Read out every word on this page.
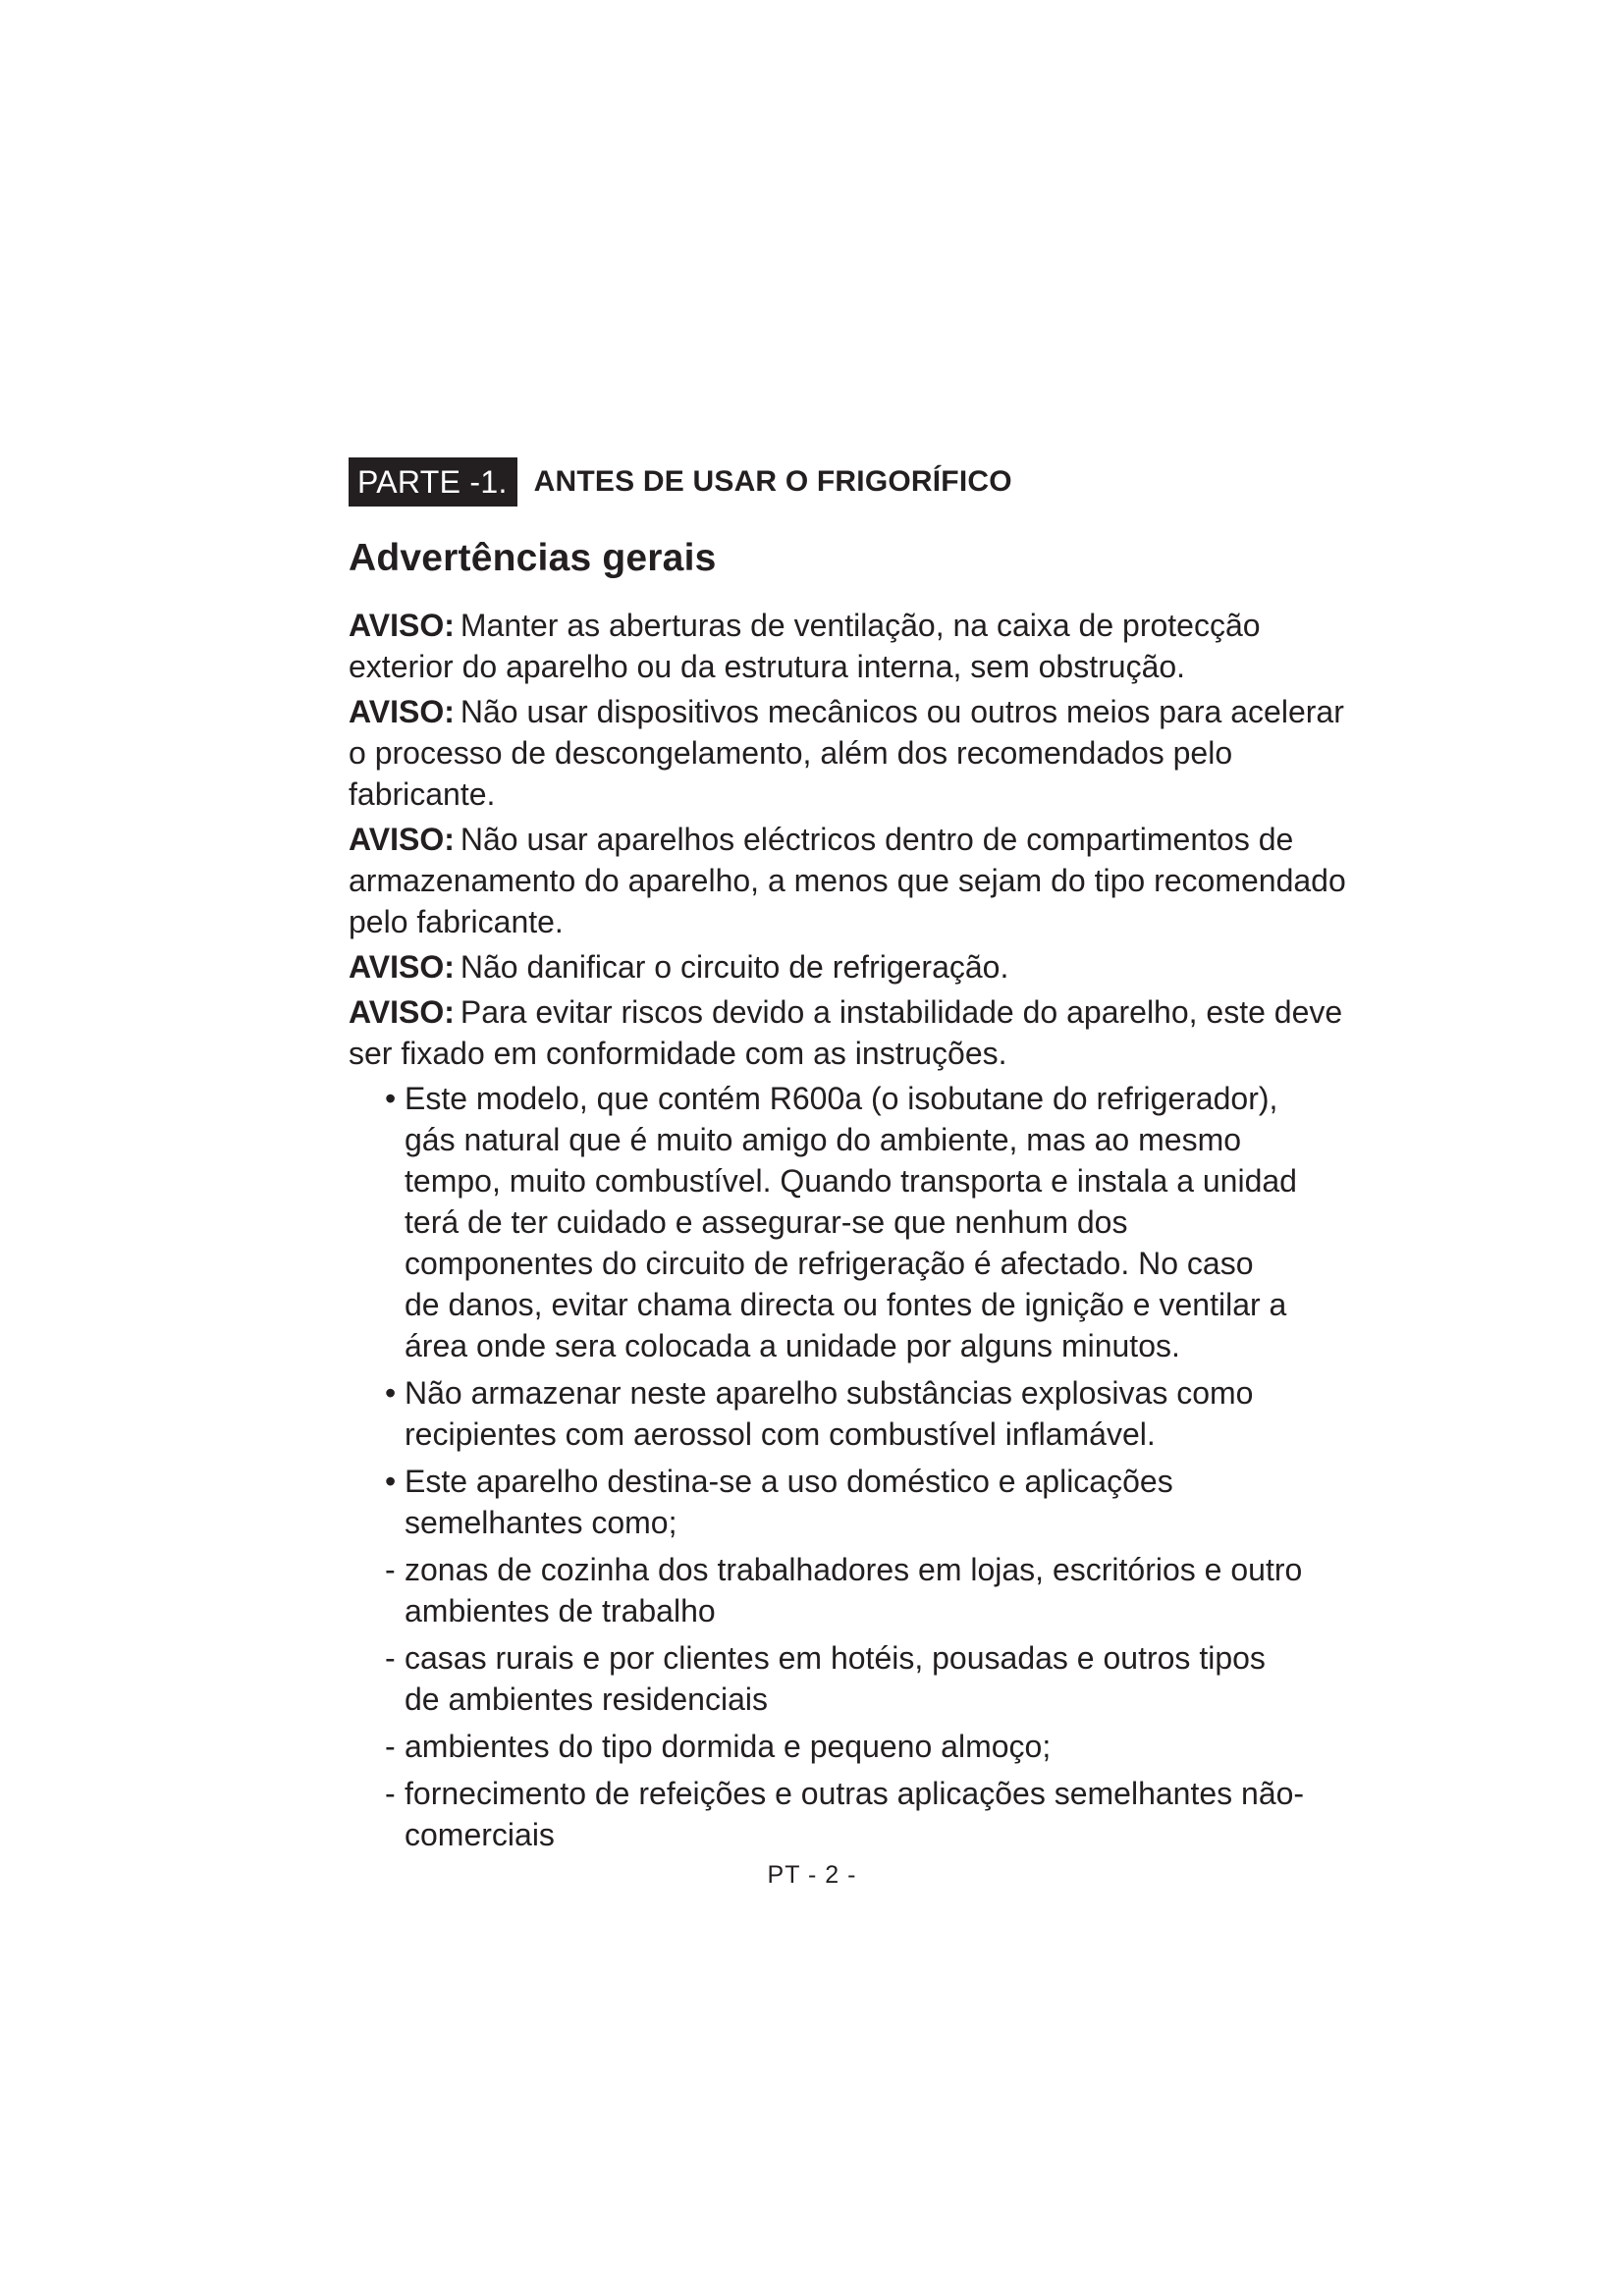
PARTE -1. ANTES DE USAR O FRIGORÍFICO
Advertências gerais

AVISO: Manter as aberturas de ventilação, na caixa de protecção exterior do aparelho ou da estrutura interna, sem obstrução.

AVISO: Não usar dispositivos mecânicos ou outros meios para acelerar o processo de descongelamento, além dos recomendados pelo fabricante.

AVISO: Não usar aparelhos eléctricos dentro de compartimentos de armazenamento do aparelho, a menos que sejam do tipo recomendado pelo fabricante.

AVISO: Não danificar o circuito de refrigeração.

AVISO: Para evitar riscos devido a instabilidade do aparelho, este deve ser fixado em conformidade com as instruções.

• Este modelo, que contém R600a (o isobutane do refrigerador),
gás natural que é muito amigo do ambiente, mas ao mesmo
tempo, muito combustível. Quando transporta e instala a unidad
terá de ter cuidado e assegurar-se que nenhum dos
componentes do circuito de refrigeração é afectado. No caso
de danos, evitar chama directa ou fontes de ignição e ventilar a
área onde sera colocada a unidade por alguns minutos.
• Não armazenar neste aparelho substâncias explosivas como
recipientes com aerossol com combustível inflamável.
• Este aparelho destina-se a uso doméstico e aplicações
semelhantes como;
- zonas de cozinha dos trabalhadores em lojas, escritórios e outro
ambientes de trabalho
- casas rurais e por clientes em hotéis, pousadas e outros tipos
de ambientes residenciais
- ambientes do tipo dormida e pequeno almoço;
- fornecimento de refeições e outras aplicações semelhantes não-
comerciais
PT - 2 -
